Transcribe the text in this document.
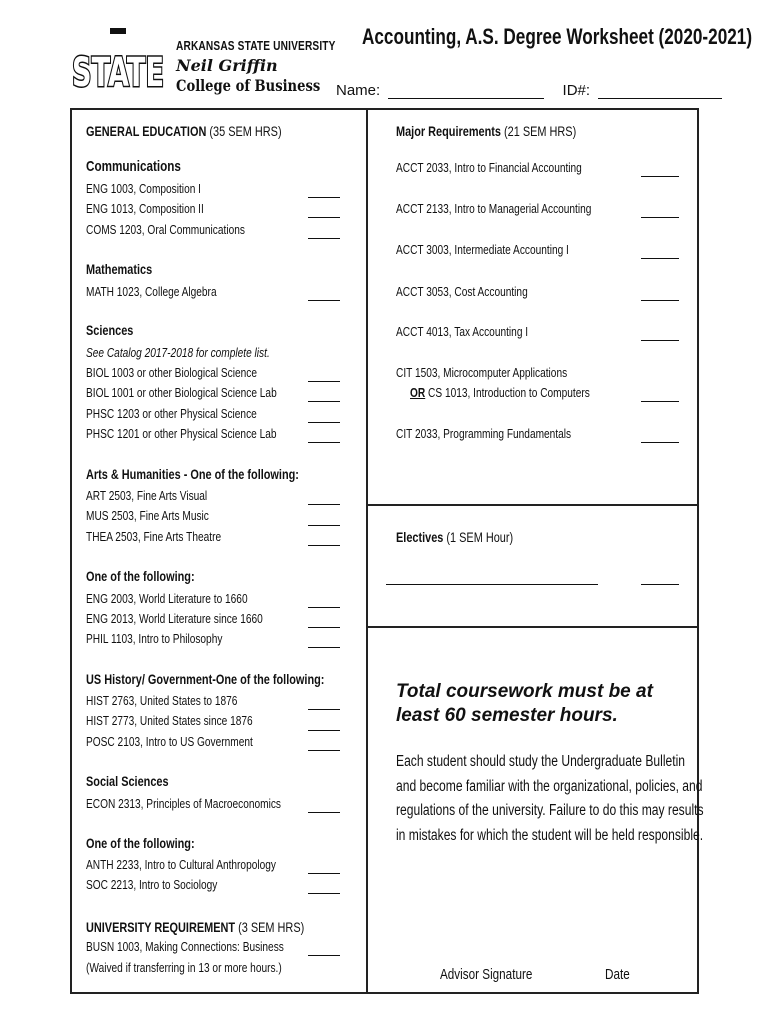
Accounting, A.S. Degree Worksheet (2020-2021)
STATE
ARKANSAS STATE UNIVERSITY
Neil Griffin
College of Business	Name:	ID#:
GENERAL EDUCATION (35 SEM HRS)
Communications
ENG 1003, Composition I
ENG 1013, Composition II
COMS 1203, Oral Communications
Mathematics
MATH 1023, College Algebra
Sciences
See Catalog 2017-2018 for complete list.
BIOL 1003 or other Biological Science
BIOL 1001 or other Biological Science Lab
PHSC 1203 or other Physical Science
PHSC 1201 or other Physical Science Lab
Arts & Humanities - One of the following:
ART 2503, Fine Arts Visual
MUS 2503, Fine Arts Music
THEA 2503, Fine Arts Theatre
One of the following:
ENG 2003, World Literature to 1660
ENG 2013, World Literature since 1660
PHIL 1103, Intro to Philosophy
US History/ Government-One of the following:
HIST 2763, United States to 1876
HIST 2773, United States since 1876
POSC 2103, Intro to US Government
Social Sciences
ECON 2313, Principles of Macroeconomics
One of the following:
ANTH 2233, Intro to Cultural Anthropology
SOC 2213, Intro to Sociology
UNIVERSITY REQUIREMENT (3 SEM HRS)
BUSN 1003, Making Connections: Business
(Waived if transferring in 13 or more hours.)
Major Requirements (21 SEM HRS)
ACCT 2033, Intro to Financial Accounting
ACCT 2133, Intro to Managerial Accounting
ACCT 3003, Intermediate Accounting I
ACCT 3053, Cost Accounting
ACCT 4013, Tax Accounting I
CIT 1503, Microcomputer Applications
OR CS 1013, Introduction to Computers
CIT 2033, Programming Fundamentals
Electives (1 SEM Hour)
Total coursework must be at least 60 semester hours.
Each student should study the Undergraduate Bulletin and become familiar with the organizational, policies, and regulations of the university. Failure to do this may results in mistakes for which the student will be held responsible.
Advisor Signature	Date
